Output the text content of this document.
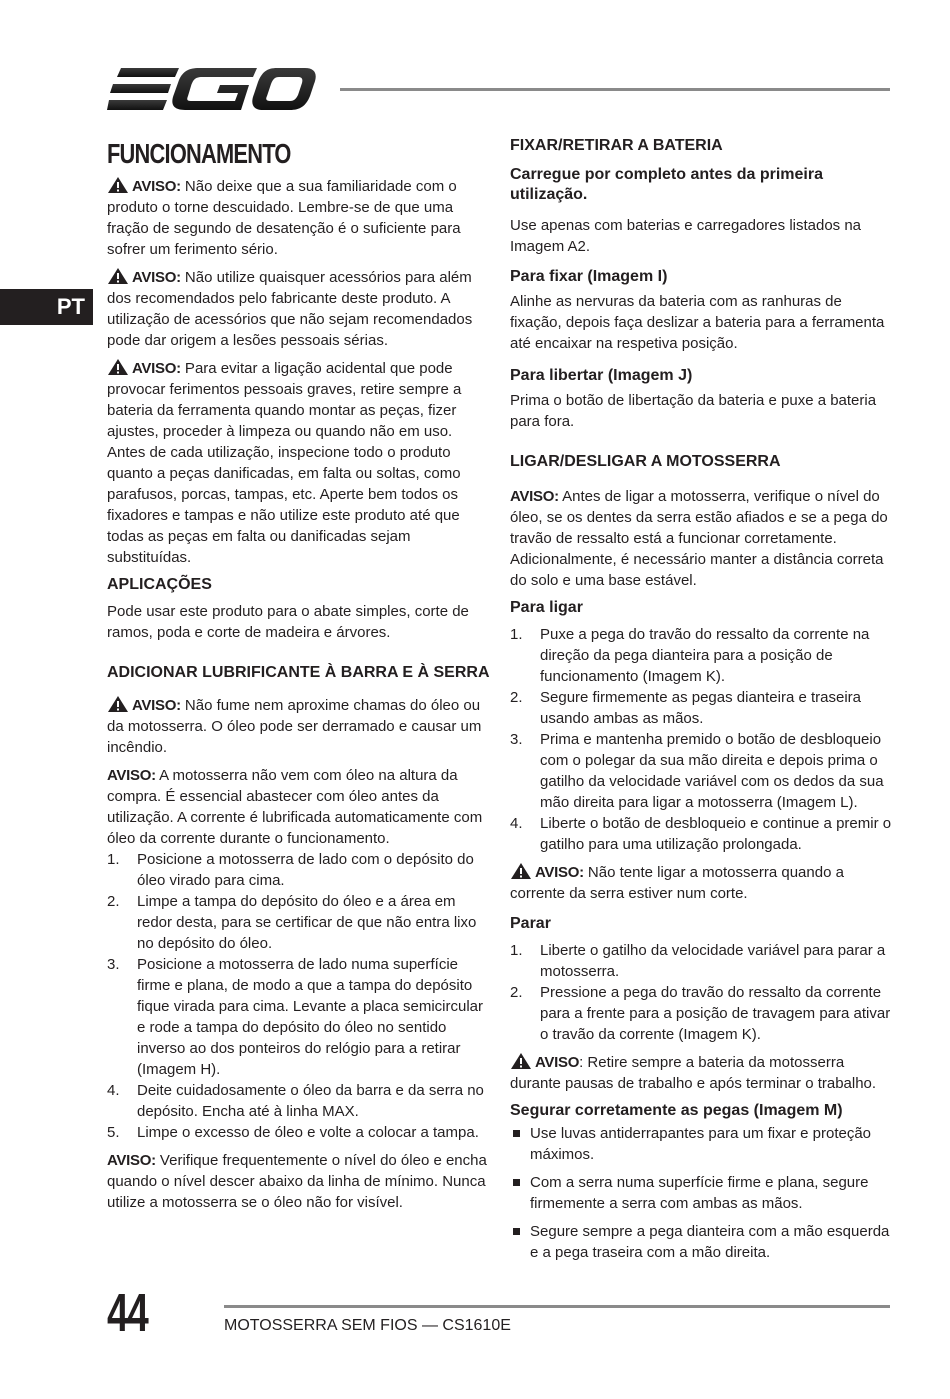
PT
FUNCIONAMENTO

AVISO: Não deixe que a sua familiaridade com o produto o torne descuidado. Lembre-se de que uma fração de segundo de desatenção é o suficiente para sofrer um ferimento sério.

AVISO: Não utilize quaisquer acessórios para além dos recomendados pelo fabricante deste produto. A utilização de acessórios que não sejam recomendados pode dar origem a lesões pessoais sérias.

AVISO: Para evitar a ligação acidental que pode provocar ferimentos pessoais graves, retire sempre a bateria da ferramenta quando montar as peças, fizer ajustes, proceder à limpeza ou quando não em uso. Antes de cada utilização, inspecione todo o produto quanto a peças danificadas, em falta ou soltas, como parafusos, porcas, tampas, etc. Aperte bem todos os fixadores e tampas e não utilize este produto até que todas as peças em falta ou danificadas sejam substituídas.

APLICAÇÕES

Pode usar este produto para o abate simples, corte de ramos, poda e corte de madeira e árvores.

ADICIONAR LUBRIFICANTE À BARRA E À SERRA

AVISO: Não fume nem aproxime chamas do óleo ou da motosserra. O óleo pode ser derramado e causar um incêndio.

AVISO: A motosserra não vem com óleo na altura da compra. É essencial abastecer com óleo antes da utilização. A corrente é lubrificada automaticamente com óleo da corrente durante o funcionamento.

1. Posicione a motosserra de lado com o depósito do óleo virado para cima.
2. Limpe a tampa do depósito do óleo e a área em redor desta, para se certificar de que não entra lixo no depósito do óleo.
3. Posicione a motosserra de lado numa superfície firme e plana, de modo a que a tampa do depósito fique virada para cima. Levante a placa semicircular e rode a tampa do depósito do óleo no sentido inverso ao dos ponteiros do relógio para a retirar (Imagem H).
4. Deite cuidadosamente o óleo da barra e da serra no depósito. Encha até à linha MAX.
5. Limpe o excesso de óleo e volte a colocar a tampa.

AVISO: Verifique frequentemente o nível do óleo e encha quando o nível descer abaixo da linha de mínimo. Nunca utilize a motosserra se o óleo não for visível.

FIXAR/RETIRAR A BATERIA
Carregue por completo antes da primeira utilização.

Use apenas com baterias e carregadores listados na Imagem A2.

Para fixar (Imagem I)

Alinhe as nervuras da bateria com as ranhuras de fixação, depois faça deslizar a bateria para a ferramenta até encaixar na respetiva posição.

Para libertar (Imagem J)

Prima o botão de libertação da bateria e puxe a bateria para fora.

LIGAR/DESLIGAR A MOTOSSERRA

AVISO: Antes de ligar a motosserra, verifique o nível do óleo, se os dentes da serra estão afiados e se a pega do travão de ressalto está a funcionar corretamente. Adicionalmente, é necessário manter a distância correta do solo e uma base estável.

Para ligar
1. Puxe a pega do travão do ressalto da corrente na direção da pega dianteira para a posição de funcionamento (Imagem K).
2. Segure firmemente as pegas dianteira e traseira usando ambas as mãos.
3. Prima e mantenha premido o botão de desbloqueio com o polegar da sua mão direita e depois prima o gatilho da velocidade variável com os dedos da sua mão direita para ligar a motosserra (Imagem L).
4. Liberte o botão de desbloqueio e continue a premir o gatilho para uma utilização prolongada.

AVISO: Não tente ligar a motosserra quando a corrente da serra estiver num corte.

Parar
1. Liberte o gatilho da velocidade variável para parar a motosserra.
2. Pressione a pega do travão do ressalto da corrente para a frente para a posição de travagem para ativar o travão da corrente (Imagem K).

AVISO: Retire sempre a bateria da motosserra durante pausas de trabalho e após terminar o trabalho.

Segurar corretamente as pegas (Imagem M)
Use luvas antiderrapantes para um fixar e proteção máximos.
Com a serra numa superfície firme e plana, segure firmemente a serra com ambas as mãos.
Segure sempre a pega dianteira com a mão esquerda e a pega traseira com a mão direita.
44	MOTOSSERRA SEM FIOS — CS1610E
